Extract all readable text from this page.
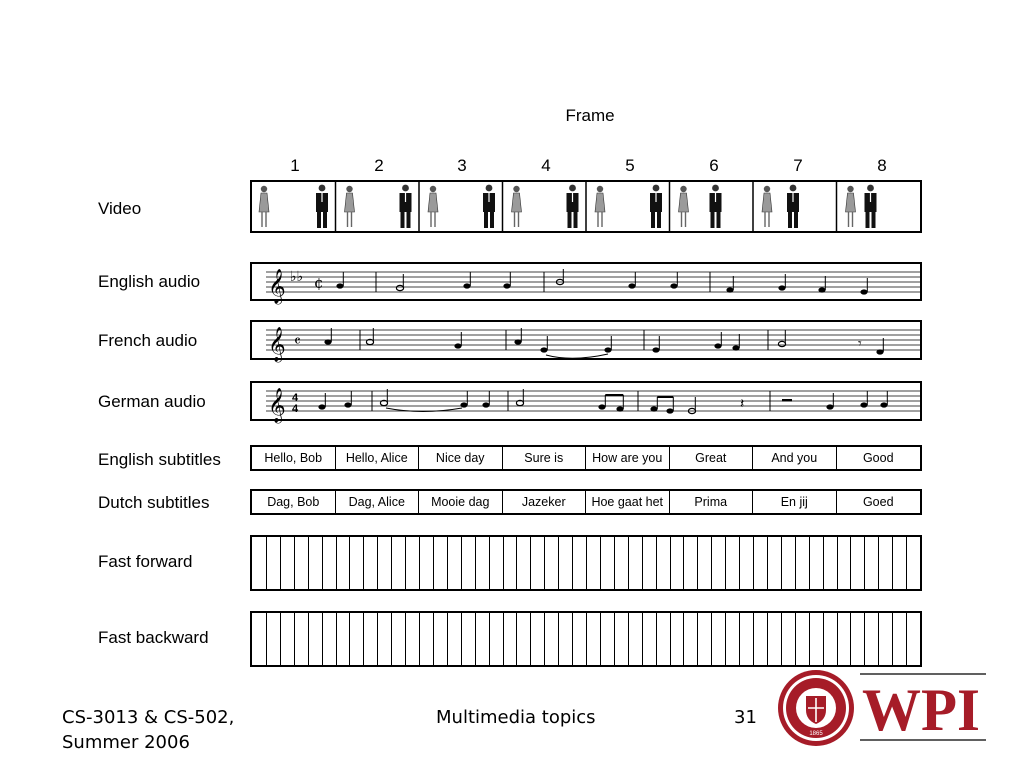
Frame
1	2	3	4	5	6	7	8
Video
English audio
French audio
German audio
English subtitles
Dutch subtitles
Fast forward
Fast backward
𝄞 ♭♭ ¢
𝄞 𝄴	𝄾
𝄞 4
4	𝄽
Hello, Bob	Hello, Alice	Nice day	Sure is	How are you	Great	And you	Good
Dag, Bob	Dag, Alice	Mooie dag	Jazeker	Hoe gaat het	Prima	En jij	Goed
CS-3013 & CS-502,
Summer 2006
Multimedia topics	31
1865 WPI
